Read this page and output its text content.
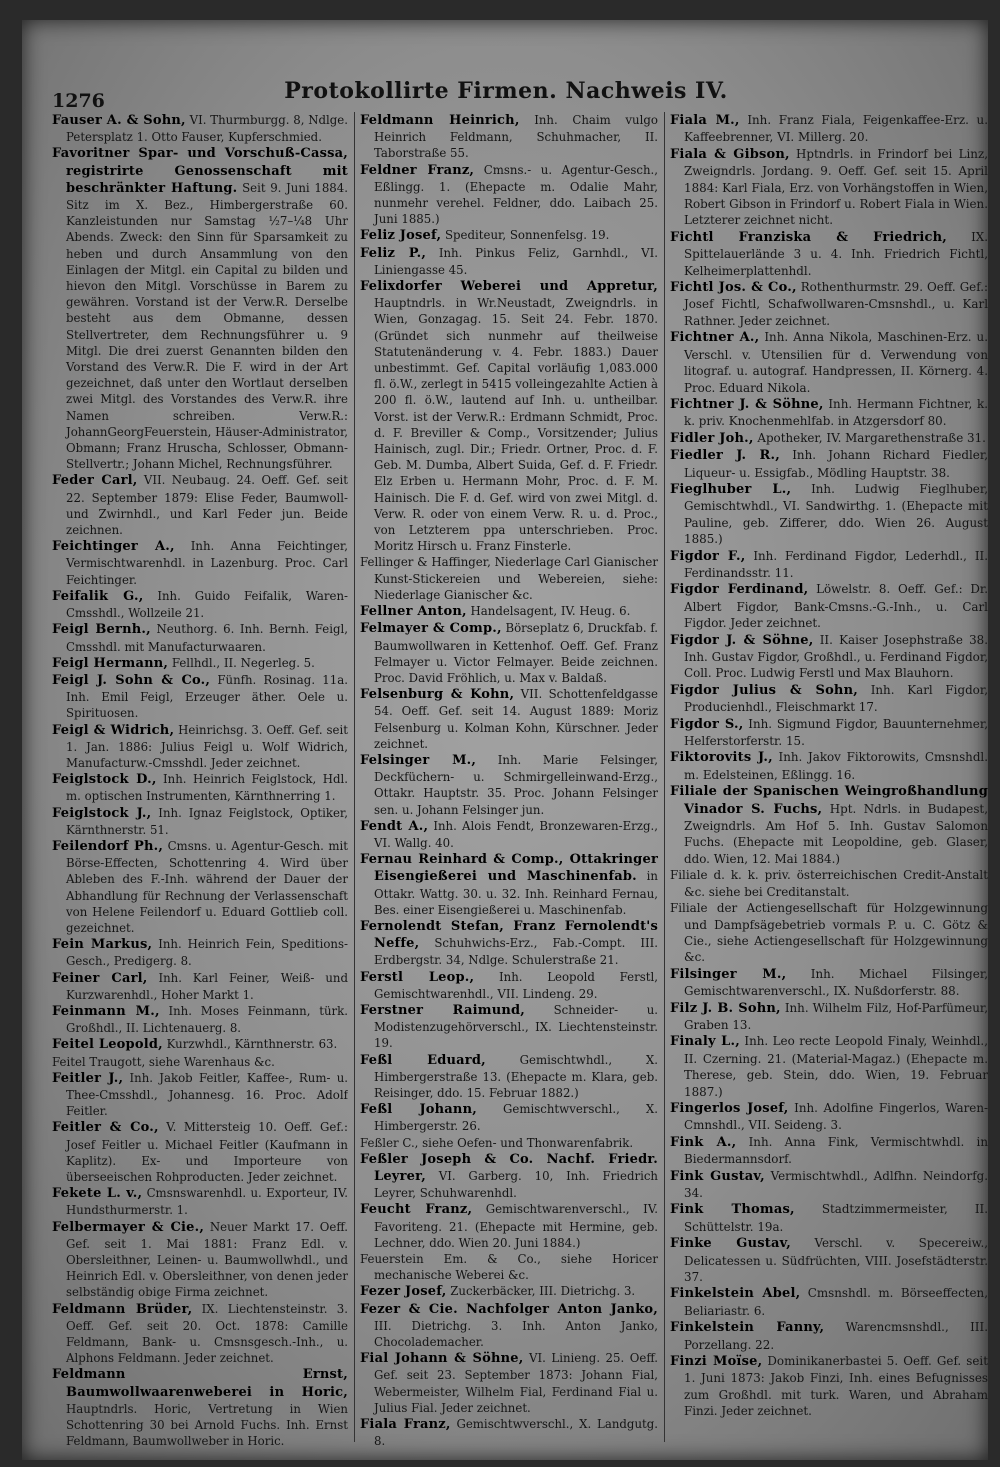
1276	Protokollirte Firmen. Nachweis IV.

Fauser A. & Sohn, VI. Thurmburgg. 8, Ndlge. Petersplatz 1. Otto Fauser, Kupferschmied.

Favoritner Spar- und Vorschuß-Cassa, registrirte Genossenschaft mit beschränkter Haftung. Seit 9. Juni 1884. Sitz im X. Bez., Himbergerstraße 60. Kanzleistunden nur Samstag ½7–¼8 Uhr Abends. Zweck: den Sinn für Sparsamkeit zu heben und durch Ansammlung von den Einlagen der Mitgl. ein Capital zu bilden und hievon den Mitgl. Vorschüsse in Barem zu gewähren. Vorstand ist der Verw.R. Derselbe besteht aus dem Obmanne, dessen Stellvertreter, dem Rechnungsführer u. 9 Mitgl. Die drei zuerst Genannten bilden den Vorstand des Verw.R. Die F. wird in der Art gezeichnet, daß unter den Wortlaut derselben zwei Mitgl. des Vorstandes des Verw.R. ihre Namen schreiben. Verw.R.: JohannGeorgFeuerstein, Häuser-Administrator, Obmann; Franz Hruscha, Schlosser, Obmann-Stellvertr.; Johann Michel, Rechnungsführer.

Feder Carl, VII. Neubaug. 24. Oeff. Gef. seit 22. September 1879: Elise Feder, Baumwoll- und Zwirnhdl., und Karl Feder jun. Beide zeichnen.

Feichtinger A., Inh. Anna Feichtinger, Vermischtwarenhdl. in Lazenburg. Proc. Carl Feichtinger.

Feifalik G., Inh. Guido Feifalik, Waren-Cmsshdl., Wollzeile 21.

Feigl Bernh., Neuthorg. 6. Inh. Bernh. Feigl, Cmsshdl. mit Manufacturwaaren.

Feigl Hermann, Fellhdl., II. Negerleg. 5.

Feigl J. Sohn & Co., Fünfh. Rosinag. 11a. Inh. Emil Feigl, Erzeuger äther. Oele u. Spirituosen.

Feigl & Widrich, Heinrichsg. 3. Oeff. Gef. seit 1. Jan. 1886: Julius Feigl u. Wolf Widrich, Manufacturw.-Cmsshdl. Jeder zeichnet.

Feiglstock D., Inh. Heinrich Feiglstock, Hdl. m. optischen Instrumenten, Kärnthnerring 1.

Feiglstock J., Inh. Ignaz Feiglstock, Optiker, Kärnthnerstr. 51.

Feilendorf Ph., Cmsns. u. Agentur-Gesch. mit Börse-Effecten, Schottenring 4. Wird über Ableben des F.-Inh. während der Dauer der Abhandlung für Rechnung der Verlassenschaft von Helene Feilendorf u. Eduard Gottlieb coll. gezeichnet.

Fein Markus, Inh. Heinrich Fein, Speditions-Gesch., Predigerg. 8.

Feiner Carl, Inh. Karl Feiner, Weiß- und Kurzwarenhdl., Hoher Markt 1.

Feinmann M., Inh. Moses Feinmann, türk. Großhdl., II. Lichtenauerg. 8.

Feitel Leopold, Kurzwhdl., Kärnthnerstr. 63.

Feitel Traugott, siehe Warenhaus &c.

Feitler J., Inh. Jakob Feitler, Kaffee-, Rum- u. Thee-Cmsshdl., Johannesg. 16. Proc. Adolf Feitler.

Feitler & Co., V. Mittersteig 10. Oeff. Gef.: Josef Feitler u. Michael Feitler (Kaufmann in Kaplitz). Ex- und Importeure von überseeischen Rohproducten. Jeder zeichnet.

Fekete L. v., Cmsnswarenhdl. u. Exporteur, IV. Hundsthurmerstr. 1.

Felbermayer & Cie., Neuer Markt 17. Oeff. Gef. seit 1. Mai 1881: Franz Edl. v. Obersleithner, Leinen- u. Baumwollwhdl., und Heinrich Edl. v. Obersleithner, von denen jeder selbständig obige Firma zeichnet.

Feldmann Brüder, IX. Liechtensteinstr. 3. Oeff. Gef. seit 20. Oct. 1878: Camille Feldmann, Bank- u. Cmsnsgesch.-Inh., u. Alphons Feldmann. Jeder zeichnet.

Feldmann Ernst, Baumwollwaarenweberei in Horic, Hauptndrls. Horic, Vertretung in Wien Schottenring 30 bei Arnold Fuchs. Inh. Ernst Feldmann, Baumwollweber in Horic.

Feldmann Heinrich, Inh. Chaim vulgo Heinrich Feldmann, Schuhmacher, II. Taborstraße 55.

Feldner Franz, Cmsns.- u. Agentur-Gesch., Eßlingg. 1. (Ehepacte m. Odalie Mahr, nunmehr verehel. Feldner, ddo. Laibach 25. Juni 1885.)

Feliz Josef, Spediteur, Sonnenfelsg. 19.

Feliz P., Inh. Pinkus Feliz, Garnhdl., VI. Liniengasse 45.

Felixdorfer Weberei und Appretur, Hauptndrls. in Wr.Neustadt, Zweigndrls. in Wien, Gonzagag. 15. Seit 24. Febr. 1870. (Gründet sich nunmehr auf theilweise Statutenänderung v. 4. Febr. 1883.) Dauer unbestimmt. Gef. Capital vorläufig 1,083.000 fl. ö.W., zerlegt in 5415 volleingezahlte Actien à 200 fl. ö.W., lautend auf Inh. u. untheilbar. Vorst. ist der Verw.R.: Erdmann Schmidt, Proc. d. F. Breviller & Comp., Vorsitzender; Julius Hainisch, zugl. Dir.; Friedr. Ortner, Proc. d. F. Geb. M. Dumba, Albert Suida, Gef. d. F. Friedr. Elz Erben u. Hermann Mohr, Proc. d. F. M. Hainisch. Die F. d. Gef. wird von zwei Mitgl. d. Verw. R. oder von einem Verw. R. u. d. Proc., von Letzterem ppa unterschrieben. Proc. Moritz Hirsch u. Franz Finsterle.

Fellinger & Haffinger, Niederlage Carl Gianischer Kunst-Stickereien und Webereien, siehe: Niederlage Gianischer &c.

Fellner Anton, Handelsagent, IV. Heug. 6.

Felmayer & Comp., Börseplatz 6, Druckfab. f. Baumwollwaren in Kettenhof. Oeff. Gef. Franz Felmayer u. Victor Felmayer. Beide zeichnen. Proc. David Fröhlich, u. Max v. Baldaß.

Felsenburg & Kohn, VII. Schottenfeldgasse 54. Oeff. Gef. seit 14. August 1889: Moriz Felsenburg u. Kolman Kohn, Kürschner. Jeder zeichnet.

Felsinger M., Inh. Marie Felsinger, Deckfüchern- u. Schmirgelleinwand-Erzg., Ottakr. Hauptstr. 35. Proc. Johann Felsinger sen. u. Johann Felsinger jun.

Fendt A., Inh. Alois Fendt, Bronzewaren-Erzg., VI. Wallg. 40.

Fernau Reinhard & Comp., Ottakringer Eisengießerei und Maschinenfab. in Ottakr. Wattg. 30. u. 32. Inh. Reinhard Fernau, Bes. einer Eisengießerei u. Maschinenfab.

Fernolendt Stefan, Franz Fernolendt's Neffe, Schuhwichs-Erz., Fab.-Compt. III. Erdbergstr. 34, Ndlge. Schulerstraße 21.

Ferstl Leop., Inh. Leopold Ferstl, Gemischtwarenhdl., VII. Lindeng. 29.

Ferstner Raimund, Schneider- u. Modistenzugehörverschl., IX. Liechtensteinstr. 19.

Feßl Eduard,	Gemischtwhdl., X. Himbergerstraße 13. (Ehepacte m. Klara, geb. Reisinger, ddo. 15. Februar 1882.)

Feßl Johann, Gemischtwverschl., X. Himbergerstr. 26.

Feßler C., siehe Oefen- und Thonwarenfabrik.

Feßler Joseph & Co. Nachf. Friedr. Leyrer, VI. Garberg. 10, Inh. Friedrich Leyrer, Schuhwarenhdl.

Feucht Franz, Gemischtwarenverschl., IV. Favoriteng. 21. (Ehepacte mit Hermine, geb. Lechner, ddo. Wien 20. Juni 1884.)

Feuerstein Em. & Co., siehe Horicer mechanische Weberei &c.

Fezer Josef, Zuckerbäcker, III. Dietrichg. 3.

Fezer & Cie. Nachfolger Anton Janko, III. Dietrichg. 3. Inh. Anton Janko, Chocolademacher.

Fial Johann & Söhne, VI. Linieng. 25. Oeff. Gef. seit 23. September 1873: Johann Fial, Webermeister, Wilhelm Fial, Ferdinand Fial u. Julius Fial. Jeder zeichnet.

Fiala Franz, Gemischtwverschl., X. Landgutg. 8.

Fiala M., Inh. Franz Fiala, Feigenkaffee-Erz. u. Kaffeebrenner, VI. Millerg. 20.

Fiala & Gibson, Hptndrls. in Frindorf bei Linz, Zweigndrls. Jordang. 9. Oeff. Gef. seit 15. April 1884: Karl Fiala, Erz. von Vorhängstoffen in Wien, Robert Gibson in Frindorf u. Robert Fiala in Wien. Letzterer zeichnet nicht.

Fichtl Franziska & Friedrich, IX. Spittelauerlände 3 u. 4. Inh. Friedrich Fichtl, Kelheimerplattenhdl.

Fichtl Jos. & Co., Rothenthurmstr. 29. Oeff. Gef.: Josef Fichtl, Schafwollwaren-Cmsnshdl., u. Karl Rathner. Jeder zeichnet.

Fichtner A., Inh. Anna Nikola, Maschinen-Erz. u. Verschl. v. Utensilien für d. Verwendung von litograf. u. autograf. Handpressen, II. Körnerg. 4. Proc. Eduard Nikola.

Fichtner J. & Söhne, Inh. Hermann Fichtner, k. k. priv. Knochenmehlfab. in Atzgersdorf 80.

Fidler Joh., Apotheker, IV. Margarethenstraße 31.

Fiedler J. R., Inh. Johann Richard Fiedler, Liqueur- u. Essigfab., Mödling Hauptstr. 38.

Fieglhuber L., Inh. Ludwig Fieglhuber, Gemischtwhdl., VI. Sandwirthg. 1. (Ehepacte mit Pauline, geb. Zifferer, ddo. Wien 26. August 1885.)

Figdor F., Inh. Ferdinand Figdor, Lederhdl., II. Ferdinandsstr. 11.

Figdor Ferdinand, Löwelstr. 8. Oeff. Gef.: Dr. Albert Figdor, Bank-Cmsns.-G.-Inh., u. Carl Figdor. Jeder zeichnet.

Figdor J. & Söhne, II. Kaiser Josephstraße 38. Inh. Gustav Figdor, Großhdl., u. Ferdinand Figdor, Coll. Proc. Ludwig Ferstl und Max Blauhorn.

Figdor Julius & Sohn, Inh. Karl Figdor, Producienhdl., Fleischmarkt 17.

Figdor S., Inh. Sigmund Figdor, Bauunternehmer, Helferstorferstr. 15.

Fiktorovits J., Inh. Jakov Fiktorowits, Cmsnshdl. m. Edelsteinen, Eßlingg. 16.

Filiale der Spanischen Weingroßhandlung Vinador S. Fuchs, Hpt. Ndrls. in Budapest, Zweigndrls. Am Hof 5. Inh. Gustav Salomon Fuchs. (Ehepacte mit Leopoldine, geb. Glaser, ddo. Wien, 12. Mai 1884.)

Filiale d. k. k. priv. österreichischen Credit-Anstalt &c. siehe bei Creditanstalt.

Filiale der Actiengesellschaft für Holzgewinnung und Dampfsägebetrieb vormals P. u. C. Götz & Cie., siehe Actiengesellschaft für Holzgewinnung &c.

Filsinger M., Inh. Michael Filsinger, Gemischtwarenverschl., IX. Nußdorferstr. 88.

Filz J. B. Sohn, Inh. Wilhelm Filz, Hof-Parfümeur, Graben 13.

Finaly L., Inh. Leo recte Leopold Finaly, Weinhdl., II. Czerning. 21. (Material-Magaz.) (Ehepacte m. Therese, geb. Stein, ddo. Wien, 19. Februar 1887.)

Fingerlos Josef, Inh. Adolfine Fingerlos, Waren-Cmnshdl., VII. Seideng. 3.

Fink A., Inh. Anna Fink, Vermischtwhdl. in Biedermannsdorf.

Fink Gustav, Vermischtwhdl., Adlfhn. Neindorfg. 34.

Fink Thomas, Stadtzimmermeister, II. Schüttelstr. 19a.

Finke Gustav, Verschl. v. Specereiw., Delicatessen u. Südfrüchten, VIII. Josefstädterstr. 37.

Finkelstein Abel, Cmsnshdl. m. Börseeffecten, Beliariastr. 6.

Finkelstein Fanny, Warencmsnshdl., III. Porzellang. 22.

Finzi Moïse, Dominikanerbastei 5. Oeff. Gef. seit 1. Juni 1873: Jakob Finzi, Inh. eines Befugnisses zum Großhdl. mit turk. Waren, und Abraham Finzi. Jeder zeichnet.
